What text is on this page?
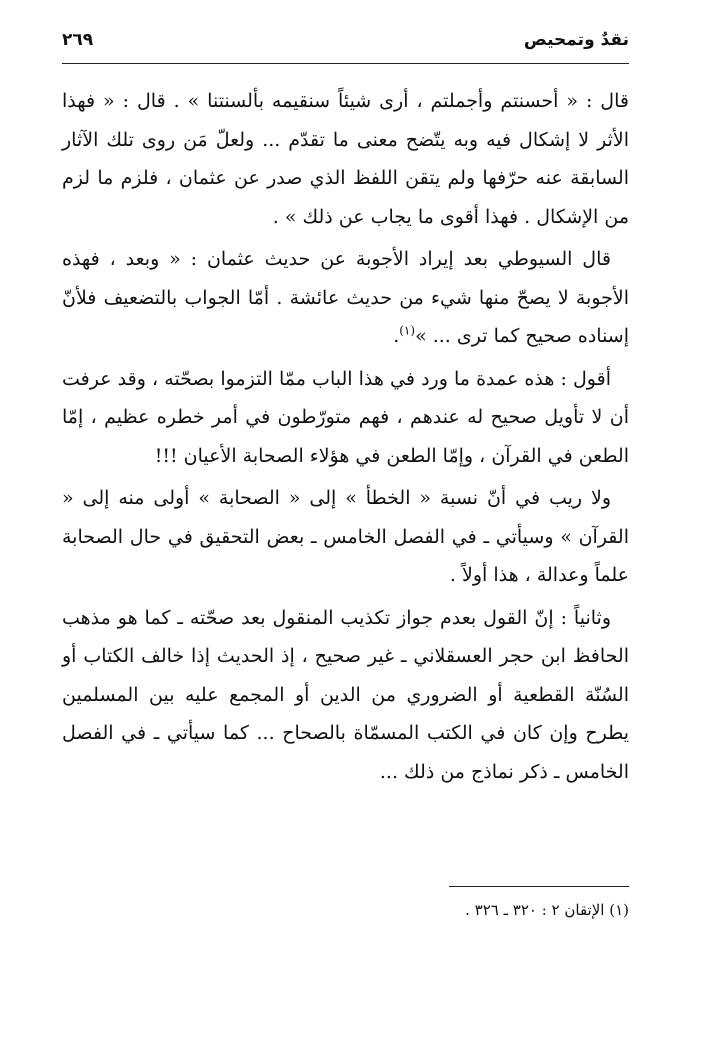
نقدٌ وتمحيص
٢٦٩

قال : « أحسنتم وأجملتم ، أرى شيئاً سنقيمه بألسنتنا » . قال : « فهذا الأثر لا إشكال فيه وبه يتّضح معنى ما تقدّم ... ولعلّ مَن روى تلك الآثار السابقة عنه حرّفها ولم يتقن اللفظ الذي صدر عن عثمان ، فلزم ما لزم من الإشكال . فهذا أقوى ما يجاب عن ذلك » .

قال السيوطي بعد إيراد الأجوبة عن حديث عثمان : « وبعد ، فهذه الأجوبة لا يصحّ منها شيء من حديث عائشة . أمّا الجواب بالتضعيف فلأنّ إسناده صحيح كما ترى ... »$^{(١)}$.

أقول : هذه عمدة ما ورد في هذا الباب ممّا التزموا بصحّته ، وقد عرفت أن لا تأويل صحيح له عندهم ، فهم متورّطون في أمر خطره عظيم ، إمّا الطعن في القرآن ، وإمّا الطعن في هؤلاء الصحابة الأعيان !!!

ولا ريب في أنّ نسبة « الخطأ » إلى « الصحابة » أولى منه إلى « القرآن » وسيأتي ـ في الفصل الخامس ـ بعض التحقيق في حال الصحابة علماً وعدالة ، هذا أولاً .

وثانياً : إنّ القول بعدم جواز تكذيب المنقول بعد صحّته ـ كما هو مذهب الحافظ ابن حجر العسقلاني ـ غير صحيح ، إذ الحديث إذا خالف الكتاب أو السُنّة القطعية أو الضروري من الدين أو المجمع عليه بين المسلمين يطرح وإن كان في الكتب المسمّاة بالصحاح ... كما سيأتي ـ في الفصل الخامس ـ ذكر نماذج من ذلك ...

(١) الإتقان ٢ : ٣٢٠ ـ ٣٢٦ .
